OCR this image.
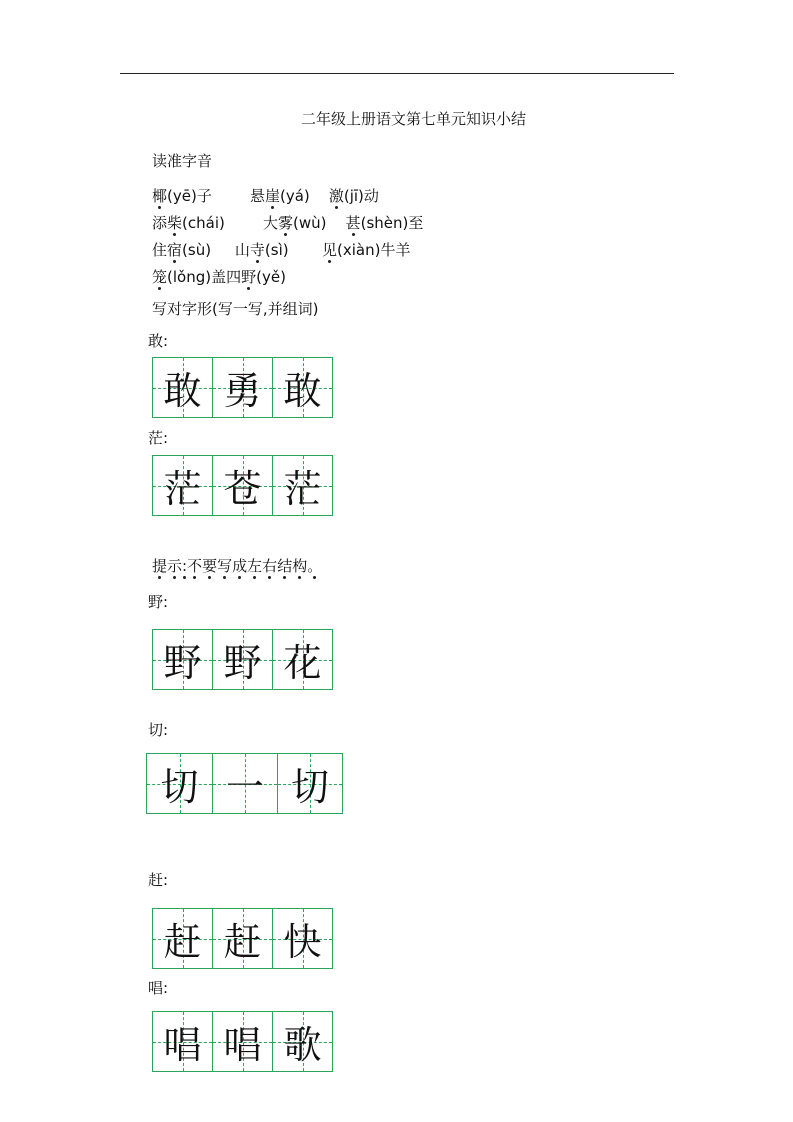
二年级上册语文第七单元知识小结
读准字音
椰(yē)子        悬崖(yá)    激(jī)动
添柴(chái)        大雾(wù)    甚(shèn)至
住宿(sù)     山寺(sì)       见(xiàn)牛羊
笼(lǒng)盖四野(yě)
写对字形(写一写,并组词)
敢:
敢 勇 敢
茫:
茫 苍 茫
提示:不要写成左右结构。
野:
野 野 花
切:
切 一 切
赶:
赶 赶 快
唱:
唱 唱 歌
